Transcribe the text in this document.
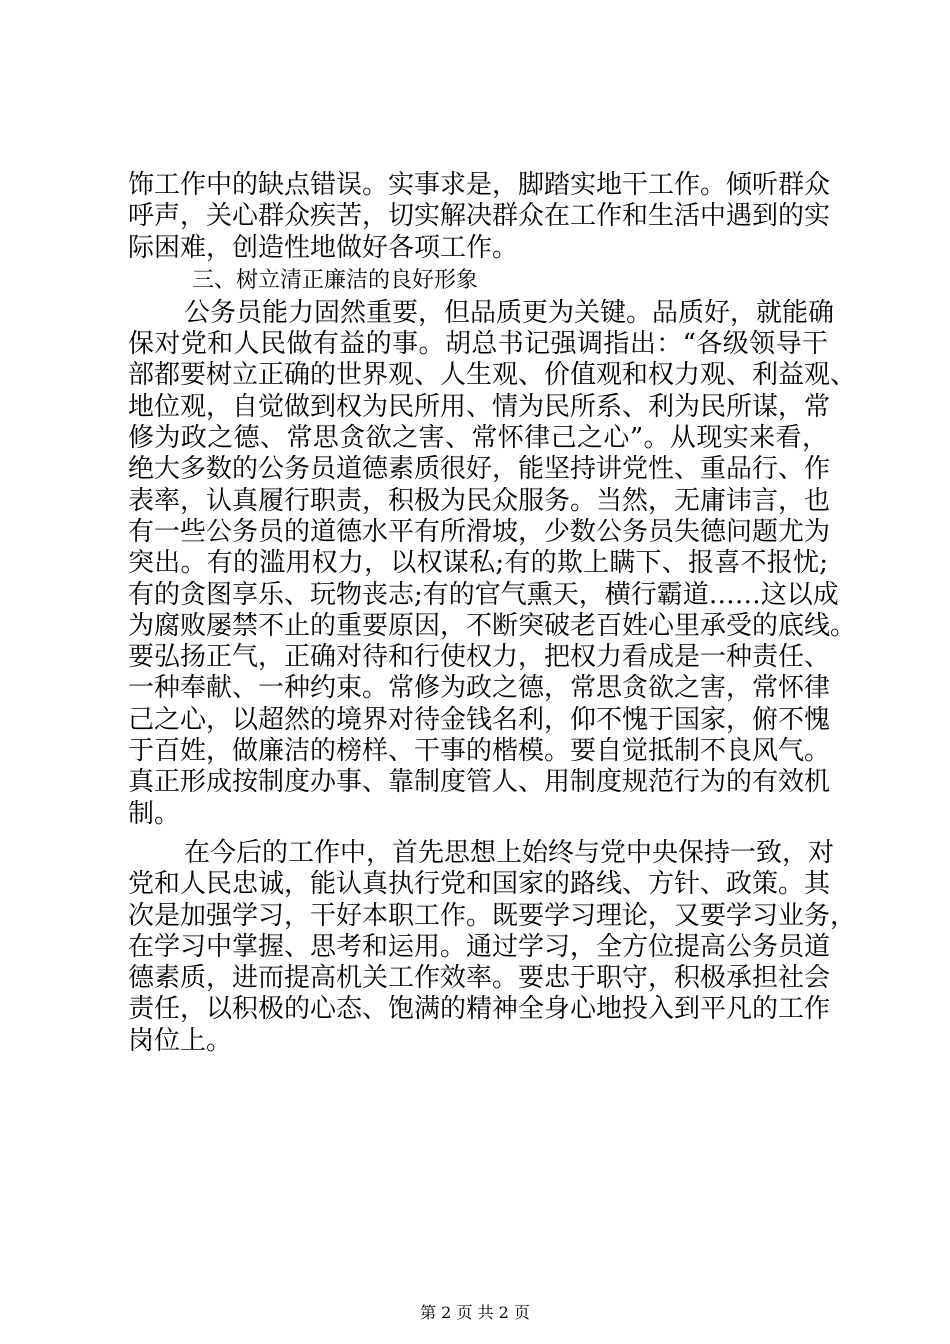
饰工作中的缺点错误。实事求是，脚踏实地干工作。倾听群众
呼声，关心群众疾苦，切实解决群众在工作和生活中遇到的实
际困难，创造性地做好各项工作。
三、树立清正廉洁的良好形象
公务员能力固然重要，但品质更为关键。品质好，就能确
保对党和人民做有益的事。胡总书记强调指出：“各级领导干
部都要树立正确的世界观、人生观、价值观和权力观、利益观、
地位观，自觉做到权为民所用、情为民所系、利为民所谋，常
修为政之德、常思贪欲之害、常怀律己之心”。从现实来看，
绝大多数的公务员道德素质很好，能坚持讲党性、重品行、作
表率，认真履行职责，积极为民众服务。当然，无庸讳言，也
有一些公务员的道德水平有所滑坡，少数公务员失德问题尤为
突出。有的滥用权力，以权谋私;有的欺上瞒下、报喜不报忧;
有的贪图享乐、玩物丧志;有的官气熏天，横行霸道……这以成
为腐败屡禁不止的重要原因，不断突破老百姓心里承受的底线。
要弘扬正气，正确对待和行使权力，把权力看成是一种责任、
一种奉献、一种约束。常修为政之德，常思贪欲之害，常怀律
己之心，以超然的境界对待金钱名利，仰不愧于国家，俯不愧
于百姓，做廉洁的榜样、干事的楷模。要自觉抵制不良风气。
真正形成按制度办事、靠制度管人、用制度规范行为的有效机
制。
在今后的工作中，首先思想上始终与党中央保持一致，对
党和人民忠诚，能认真执行党和国家的路线、方针、政策。其
次是加强学习，干好本职工作。既要学习理论，又要学习业务，
在学习中掌握、思考和运用。通过学习，全方位提高公务员道
德素质，进而提高机关工作效率。要忠于职守，积极承担社会
责任，以积极的心态、饱满的精神全身心地投入到平凡的工作
岗位上。
第 2 页 共 2 页
